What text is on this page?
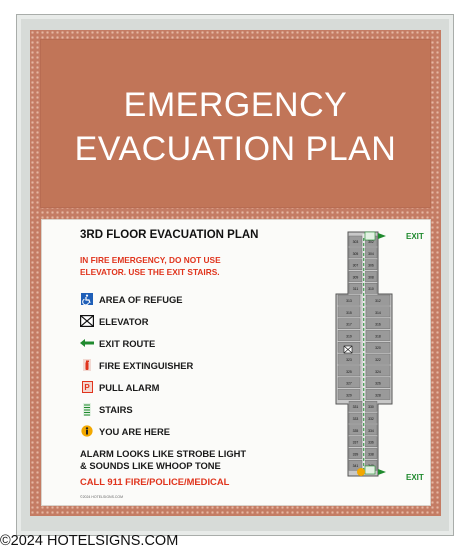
EMERGENCY
EVACUATION PLAN
3RD FLOOR EVACUATION PLAN
IN FIRE EMERGENCY, DO NOT USE
ELEVATOR. USE THE EXIT STAIRS.
AREA OF REFUGE
ELEVATOR
EXIT ROUTE
FIRE EXTINGUISHER
P PULL ALARM
STAIRS
YOU ARE HERE
ALARM LOOKS LIKE STROBE LIGHT
& SOUNDS LIKE WHOOP TONE
CALL 911 FIRE/POLICE/MEDICAL
©2024 HOTELSIGNS.COM
303	302
305	304
307	306
309	308
311	310
313	312
315	314
317	316
319	318
320
323	322
325	324
327	326
329	328
331	330
333	332
335	334
337	336
339	338
341
EXIT
EXIT
©2024 HOTELSIGNS.COM
